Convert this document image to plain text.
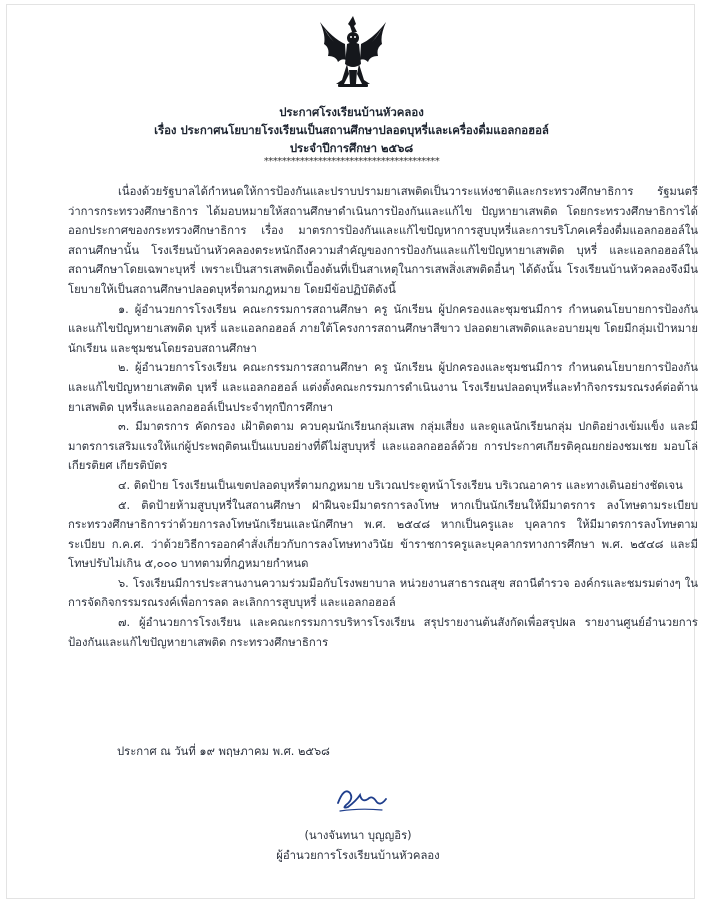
ประกาศโรงเรียนบ้านหัวคลอง
เรื่อง ประกาศนโยบายโรงเรียนเป็นสถานศึกษาปลอดบุหรี่และเครื่องดื่มแอลกอฮอล์
ประจำปีการศึกษา ๒๕๖๘
***************************************

เนื่องด้วยรัฐบาลได้กำหนดให้การป้องกันและปราบปรามยาเสพติดเป็นวาระแห่งชาติและกระทรวงศึกษาธิการ รัฐมนตรีว่าการกระทรวงศึกษาธิการ ได้มอบหมายให้สถานศึกษาดำเนินการป้องกันและแก้ไข ปัญหายาเสพติด โดยกระทรวงศึกษาธิการได้ออกประกาศของกระทรวงศึกษาธิการ เรื่อง มาตรการป้องกันและแก้ไขปัญหาการสูบบุหรี่และการบริโภคเครื่องดื่มแอลกอฮอล์ในสถานศึกษานั้น โรงเรียนบ้านหัวคลองตระหนักถึงความสำคัญของการป้องกันและแก้ไขปัญหายาเสพติด บุหรี่ และแอลกอฮอล์ในสถานศึกษาโดยเฉพาะบุหรี่ เพราะเป็นสารเสพติดเบื้องต้นที่เป็นสาเหตุในการเสพสิ่งเสพติดอื่นๆ ได้ดังนั้น โรงเรียนบ้านหัวคลองจึงมีนโยบายให้เป็นสถานศึกษาปลอดบุหรี่ตามกฎหมาย โดยมีข้อปฏิบัติดังนี้

๑. ผู้อำนวยการโรงเรียน คณะกรรมการสถานศึกษา ครู นักเรียน ผู้ปกครองและชุมชนมีการ กำหนดนโยบายการป้องกันและแก้ไขปัญหายาเสพติด บุหรี่ และแอลกอฮอล์ ภายใต้โครงการสถานศึกษาสีขาว ปลอดยาเสพติดและอบายมุข โดยมีกลุ่มเป้าหมายนักเรียน และชุมชนโดยรอบสถานศึกษา

๒. ผู้อำนวยการโรงเรียน คณะกรรมการสถานศึกษา ครู นักเรียน ผู้ปกครองและชุมชนมีการ กำหนดนโยบายการป้องกันและแก้ไขปัญหายาเสพติด บุหรี่ และแอลกอฮอล์ แต่งตั้งคณะกรรมการดำเนินงาน โรงเรียนปลอดบุหรี่และทำกิจกรรมรณรงค์ต่อต้านยาเสพติด บุหรี่และแอลกอฮอล์เป็นประจำทุกปีการศึกษา

๓. มีมาตรการ คัดกรอง เฝ้าติดตาม ควบคุมนักเรียนกลุ่มเสพ กลุ่มเสี่ยง และดูแลนักเรียนกลุ่ม ปกติอย่างเข้มแข็ง และมีมาตรการเสริมแรงให้แก่ผู้ประพฤติตนเป็นแบบอย่างที่ดีไม่สูบบุหรี่ และแอลกอฮอล์ด้วย การประกาศเกียรติคุณยกย่องชมเชย มอบโล่เกียรติยศ เกียรติบัตร

๔. ติดป้าย โรงเรียนเป็นเขตปลอดบุหรี่ตามกฎหมาย บริเวณประตูหน้าโรงเรียน บริเวณอาคาร และทางเดินอย่างชัดเจน

๕. ติดป้ายห้ามสูบบุหรี่ในสถานศึกษา ฝ่าฝืนจะมีมาตรการลงโทษ หากเป็นนักเรียนให้มีมาตรการ ลงโทษตามระเบียบ กระทรวงศึกษาธิการว่าด้วยการลงโทษนักเรียนและนักศึกษา พ.ศ. ๒๕๔๘ หากเป็นครูและ บุคลากร ให้มีมาตรการลงโทษตามระเบียบ ก.ค.ศ. ว่าด้วยวิธีการออกคำสั่งเกี่ยวกับการลงโทษทางวินัย ข้าราชการครูและบุคลากรทางการศึกษา พ.ศ. ๒๕๔๘ และมีโทษปรับไม่เกิน ๕,๐๐๐ บาทตามที่กฎหมายกำหนด

๖. โรงเรียนมีการประสานงานความร่วมมือกับโรงพยาบาล หน่วยงานสาธารณสุข สถานีตำรวจ องค์กรและชมรมต่างๆ ในการจัดกิจกรรมรณรงค์เพื่อการลด ละเลิกการสูบบุหรี่ และแอลกอฮอล์

๗. ผู้อำนวยการโรงเรียน และคณะกรรมการบริหารโรงเรียน สรุปรายงานต้นสังกัดเพื่อสรุปผล รายงานศูนย์อำนวยการป้องกันและแก้ไขปัญหายาเสพติด กระทรวงศึกษาธิการ

ประกาศ ณ วันที่ ๑๙ พฤษภาคม พ.ศ. ๒๕๖๘
(นางจันทนา บุญญอิร)
ผู้อำนวยการโรงเรียนบ้านหัวคลอง
